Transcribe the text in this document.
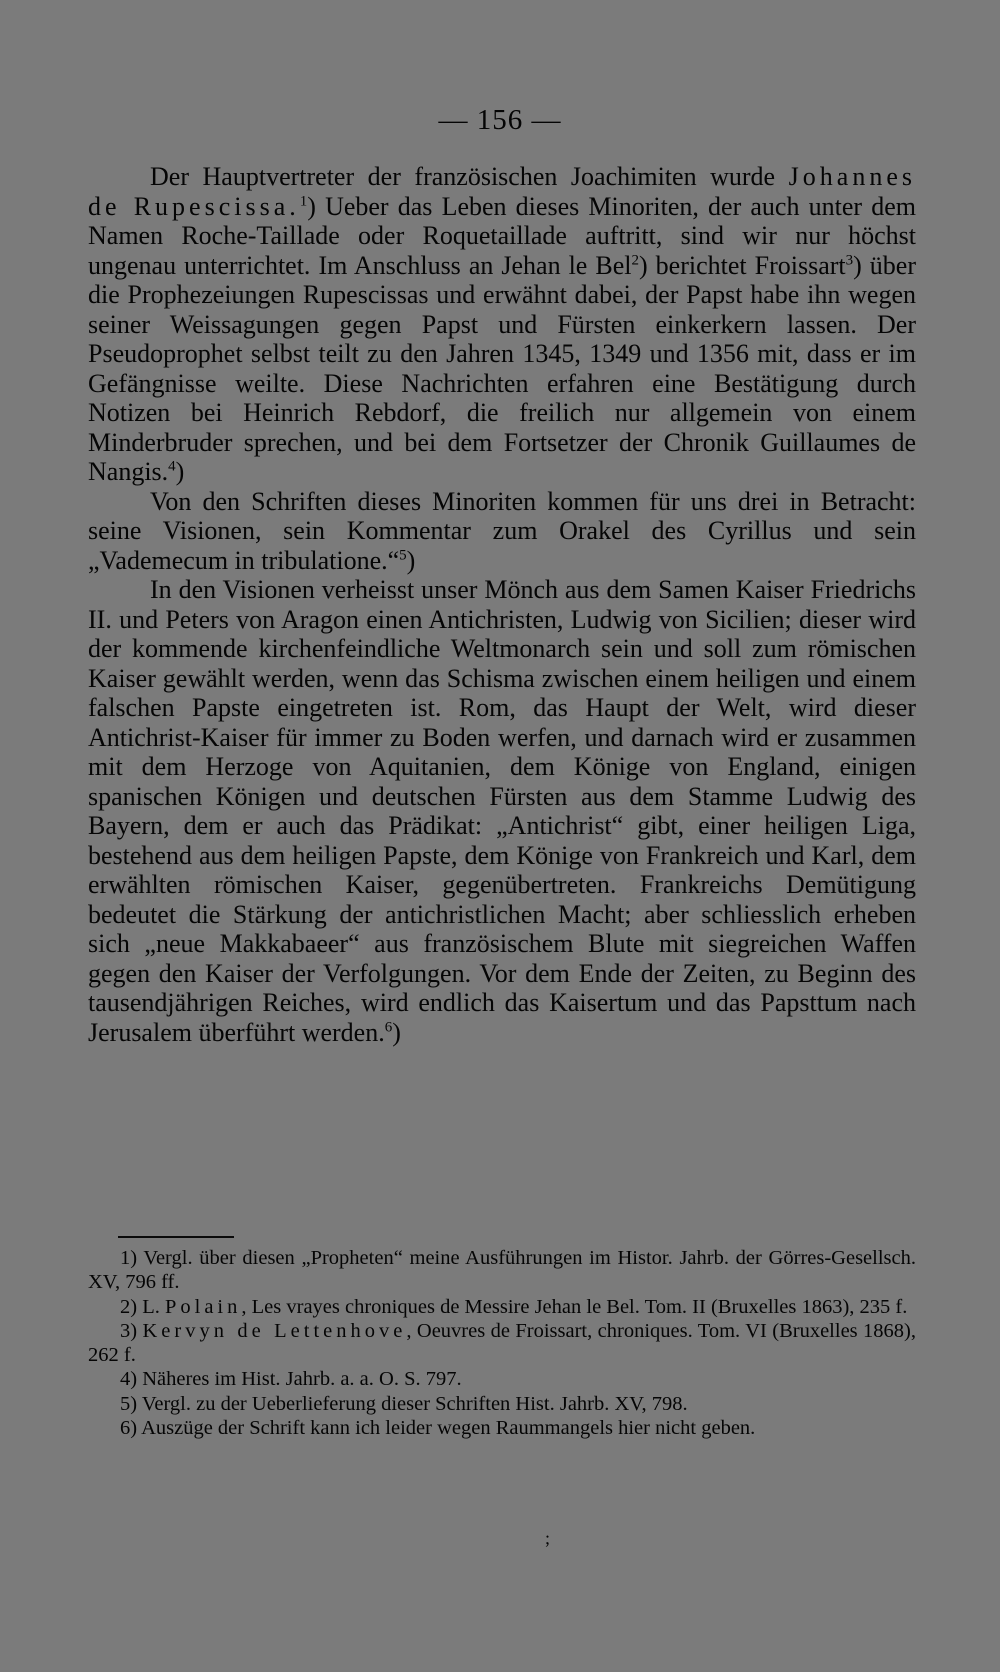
— 156 —

Der Hauptvertreter der französischen Joachimiten wurde Johannes de Rupescissa.$^1$) Ueber das Leben dieses Minoriten, der auch unter dem Namen Roche-Taillade oder Roquetaillade auftritt, sind wir nur höchst ungenau unterrichtet. Im Anschluss an Jehan le Bel$^2$) berichtet Froissart$^3$) über die Prophezeiungen Rupescissas und erwähnt dabei, der Papst habe ihn wegen seiner Weissagungen gegen Papst und Fürsten einkerkern lassen. Der Pseudoprophet selbst teilt zu den Jahren 1345, 1349 und 1356 mit, dass er im Gefängnisse weilte. Diese Nachrichten erfahren eine Bestätigung durch Notizen bei Heinrich Rebdorf, die freilich nur allgemein von einem Minderbruder sprechen, und bei dem Fortsetzer der Chronik Guillaumes de Nangis.$^4$)

Von den Schriften dieses Minoriten kommen für uns drei in Betracht: seine Visionen, sein Kommentar zum Orakel des Cyrillus und sein „Vademecum in tribulatione.“$^5$)

In den Visionen verheisst unser Mönch aus dem Samen Kaiser Friedrichs II. und Peters von Aragon einen Antichristen, Ludwig von Sicilien; dieser wird der kommende kirchenfeindliche Weltmonarch sein und soll zum römischen Kaiser gewählt werden, wenn das Schisma zwischen einem heiligen und einem falschen Papste eingetreten ist. Rom, das Haupt der Welt, wird dieser Antichrist-Kaiser für immer zu Boden werfen, und darnach wird er zusammen mit dem Herzoge von Aquitanien, dem Könige von England, einigen spanischen Königen und deutschen Fürsten aus dem Stamme Ludwig des Bayern, dem er auch das Prädikat: „Antichrist“ gibt, einer heiligen Liga, bestehend aus dem heiligen Papste, dem Könige von Frankreich und Karl, dem erwählten römischen Kaiser, gegenübertreten. Frankreichs Demütigung bedeutet die Stärkung der antichristlichen Macht; aber schliesslich erheben sich „neue Makkabaeer“ aus französischem Blute mit siegreichen Waffen gegen den Kaiser der Verfolgungen. Vor dem Ende der Zeiten, zu Beginn des tausendjährigen Reiches, wird endlich das Kaisertum und das Papsttum nach Jerusalem überführt werden.$^6$)

1) Vergl. über diesen „Propheten“ meine Ausführungen im Histor. Jahrb. der Görres-Gesellsch. XV, 796 ff.

2) L. Polain, Les vrayes chroniques de Messire Jehan le Bel. Tom. II (Bruxelles 1863), 235 f.

3) Kervyn de Lettenhove, Oeuvres de Froissart, chroniques. Tom. VI (Bruxelles 1868), 262 f.

4) Näheres im Hist. Jahrb. a. a. O. S. 797.

5) Vergl. zu der Ueberlieferung dieser Schriften Hist. Jahrb. XV, 798.

6) Auszüge der Schrift kann ich leider wegen Raummangels hier nicht geben.

;
